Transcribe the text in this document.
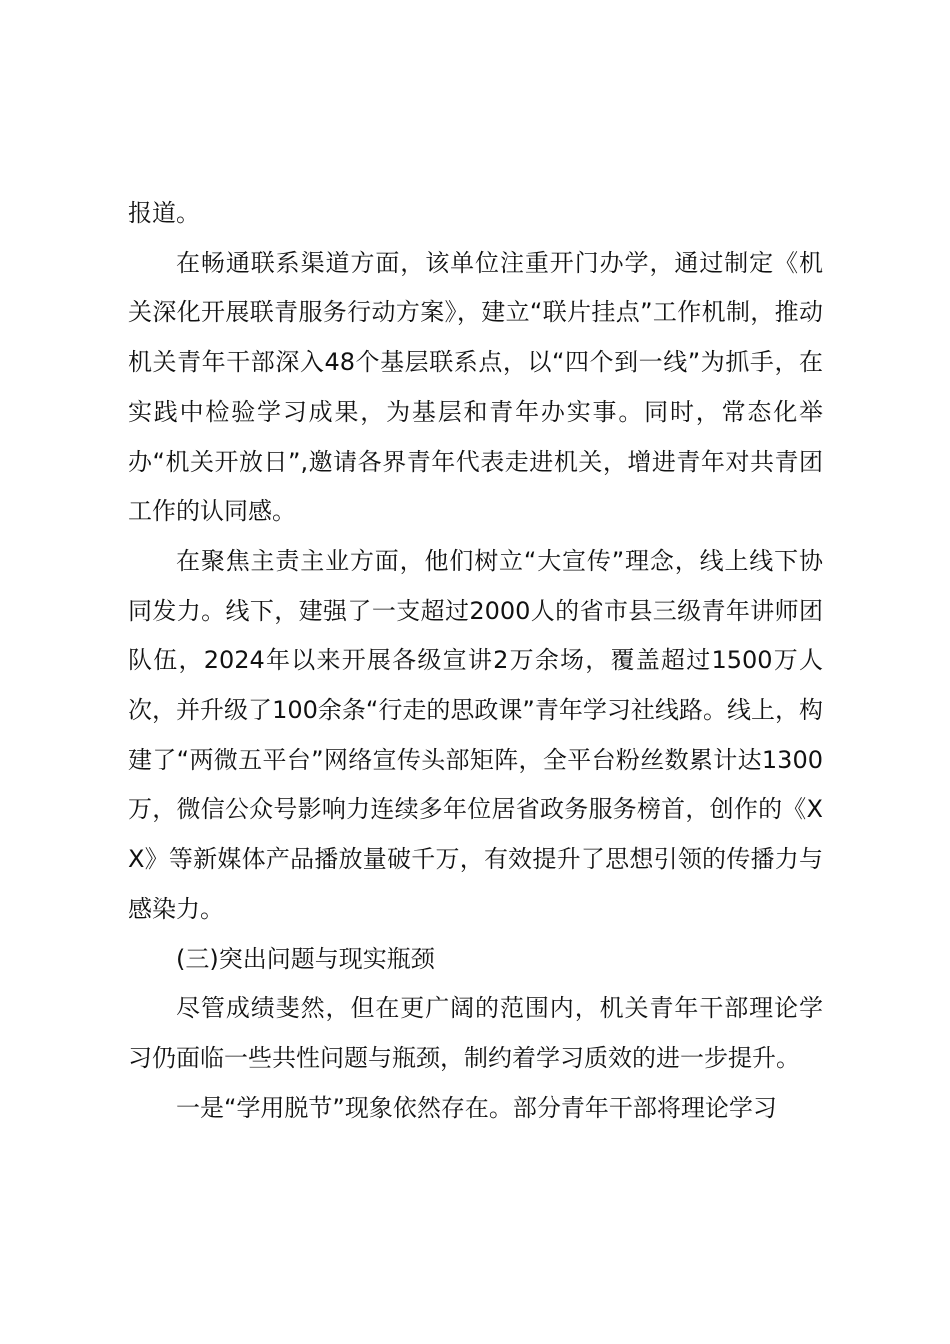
报道。

在畅通联系渠道方面，该单位注重开门办学，通过制定《机关深化开展联青服务行动方案》，建立“联片挂点”工作机制，推动机关青年干部深入48个基层联系点，以“四个到一线”为抓手，在实践中检验学习成果，为基层和青年办实事。同时，常态化举办“机关开放日”,邀请各界青年代表走进机关，增进青年对共青团工作的认同感。

在聚焦主责主业方面，他们树立“大宣传”理念，线上线下协同发力。线下，建强了一支超过2000人的省市县三级青年讲师团队伍，2024年以来开展各级宣讲2万余场，覆盖超过1500万人次，并升级了100余条“行走的思政课”青年学习社线路。线上，构建了“两微五平台”网络宣传头部矩阵，全平台粉丝数累计达1300万，微信公众号影响力连续多年位居省政务服务榜首，创作的《XX》等新媒体产品播放量破千万，有效提升了思想引领的传播力与感染力。

(三)突出问题与现实瓶颈

尽管成绩斐然，但在更广阔的范围内，机关青年干部理论学习仍面临一些共性问题与瓶颈，制约着学习质效的进一步提升。

一是“学用脱节”现象依然存在。部分青年干部将理论学习
